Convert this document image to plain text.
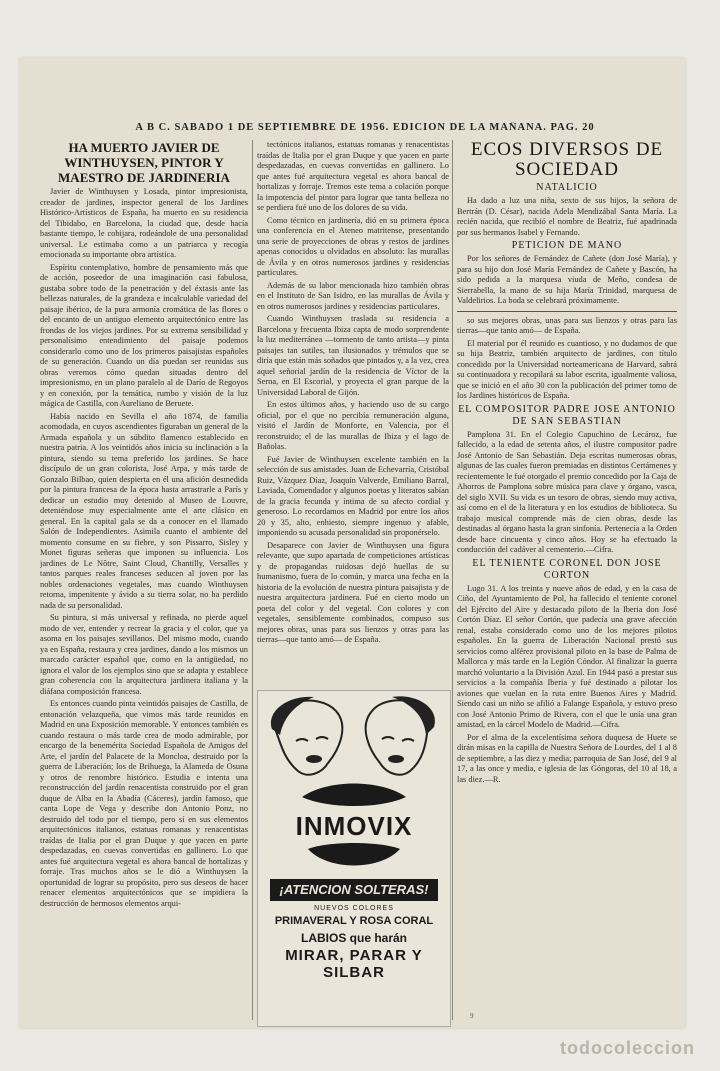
A B C. SABADO 1 DE SEPTIEMBRE DE 1956. EDICION DE LA MAÑANA. PAG. 20

HA MUERTO JAVIER DE WINTHUYSEN, PINTOR Y MAESTRO DE JARDINERIA

Javier de Winthuysen y Losada, pintor impresionista, creador de jardines, inspector general de los Jardines Histórico-Artísticos de España, ha muerto en su residencia del Tibidabo, en Barcelona, la ciudad que, desde hacía bastante tiempo, le cobijara, rodeándole de una personalidad universal. Le estimaba como a un patriarca y recogía emocionada su importante obra artística.

Espíritu contemplativo, hombre de pensamiento más que de acción, poseedor de una imaginación casi fabulosa, gustaba sobre todo de la penetración y del éxtasis ante las bellezas naturales, de la grandeza e incalculable variedad del paisaje ibérico, de la pura armonía cromática de las flores o del encanto de un antiguo elemento arquitectónico entre las frondas de los viejos jardines. Por su extrema sensibilidad y personalísimo entendimiento del paisaje podemos considerarlo como uno de los primeros paisajistas españoles de su generación. Cuando un día puedan ser reunidas sus obras veremos cómo quedan situadas dentro del impresionismo, en un plano paralelo al de Darío de Regoyos y en conexión, por la temática, rumbo y visión de la luz mágica de Castilla, con Aureliano de Beruete.

Había nacido en Sevilla el año 1874, de familia acomodada, en cuyos ascendientes figuraban un general de la Armada española y un súbdito flamenco establecido en nuestra patria. A los veintidós años inicia su inclinación a la pintura, siendo su tema preferido los jardines. Se hace discípulo de un gran colorista, José Arpa, y más tarde de Gonzalo Bilbao, quien despierta en él una afición desmedida por la pintura francesa de la época hasta arrastrarle a París y dedicar un estudio muy detenido al Museo de Louvre, deteniéndose muy especialmente ante el arte clásico en general. En la capital gala se da a conocer en el llamado Salón de Independientes. Asimila cuanto el ambiente del momento consume en su fiebre, y son Pissarro, Sisley y Monet figuras señeras que imponen su influencia. Los jardines de Le Nôtre, Saint Cloud, Chantilly, Versalles y tantos parques reales franceses seducen al joven por las nobles ordenaciones vegetales, mas cuando Winthuysen retorna, impenitente y ávido a su tierra solar, no ha perdido nada de su personalidad.

Su pintura, si más universal y refinada, no pierde aquel modo de ver, entender y recrear la gracia y el color, que ya asoma en los paisajes sevillanos. Del mismo modo, cuando ya en España, restaura y crea jardines, dando a los mismos un marcado carácter español que, como en la antigüedad, no ignora el valor de los ejemplos sino que se adapta y establece gran coherencia con la arquitectura jardinera italiana y la diáfana composición francesa.

Es entonces cuando pinta veintidós paisajes de Castilla, de entonación velazqueña, que vimos más tarde reunidos en Madrid en una Exposición memorable. Y entonces también es cuando restaura o más tarde crea de modo admirable, por encargo de la benemérita Sociedad Española de Amigos del Arte, el jardín del Palacete de la Moncloa, destruido por la guerra de Liberación; los de Brihuega, la Alameda de Osuna y otros de renombre histórico. Estudia e intenta una reconstrucción del jardín renacentista construido por el gran duque de Alba en la Abadía (Cáceres), jardín famoso, que canta Lope de Vega y describe don Antonio Ponz, no destruido del todo por el tiempo, pero sí en sus elementos arquitectónicos italianos, estatuas romanas y renacentistas traídas de Italia por el gran Duque y que yacen en parte despedazadas, en cuevas convertidas en gallinero. Lo que antes fué arquitectura vegetal es ahora bancal de hortalizas y forraje. Tras muchos años se le dió a Winthuysen la oportunidad de lograr su propósito, pero sus deseos de hacer renacer elementos arquitectónicos que se impidiera la destrucción de hermosos elementos arqui-

tectónicos italianos, estatuas romanas y renacentistas traídas de Italia por el gran Duque y que yacen en parte despedazadas, en cuevas convertidas en gallinero. Lo que antes fué arquitectura vegetal es ahora bancal de hortalizas y forraje. Tremos este tema a colación porque la impotencia del pintor para lograr que tanta belleza no se perdiera fué uno de los dolores de su vida.

Como técnico en jardinería, dió en su primera época una conferencia en el Ateneo matritense, presentando una serie de proyecciones de obras y restos de jardines apenas conocidos u olvidados en absoluto: las murallas de Ávila y en otros numerosos jardines y residencias particulares.

Además de su labor mencionada hizo también obras en el Instituto de San Isidro, en las murallas de Ávila y en otros numerosos jardines y residencias particulares.

Cuando Winthuysen traslada su residencia a Barcelona y frecuenta Ibiza capta de modo sorprendente la luz mediterránea —tormento de tanto artista—y pinta paisajes tan sutiles, tan ilusionados y trémulos que se diría que están más soñados que pintados y, a la vez, crea aquel señorial jardín de la residencia de Víctor de la Serna, en El Escorial, y proyecta el gran parque de la Universidad Laboral de Gijón.

En estos últimos años, y haciendo uso de su cargo oficial, por el que no percibía remuneración alguna, visitó el Jardín de Monforte, en Valencia, por él reconstruido; el de las murallas de Ibiza y el lago de Bañolas.

Fué Javier de Winthuysen excelente también en la selección de sus amistades. Juan de Echevarría, Cristóbal Ruiz, Vázquez Díaz, Joaquín Valverde, Emiliano Barral, Laviada, Comendador y algunos poetas y literatos sabían de la gracia fecunda y íntima de su afecto cordial y generoso. Lo recordamos en Madrid por entre los años 20 y 35, alto, enhiesto, siempre ingenuo y afable, imponiendo su acusada personalidad sin proponérselo.

Desaparece con Javier de Winthuysen una figura relevante, que supo apartada de competiciones artísticas y de propagandas ruidosas dejó huellas de su humanismo, fuera de lo común, y marca una fecha en la historia de la evolución de nuestra pintura paisajista y de nuestra arquitectura jardinera. Fué en cierto modo un poeta del color y del vegetal. Con colores y con vegetales, sensiblemente combinados, compuso sus mejores obras, unas para sus lienzos y otras para las tierras—que tanto amó— de España.

INMOVIX
¡ATENCION SOLTERAS!
NUEVOS COLORES
PRIMAVERAL Y ROSA CORAL
LABIOS que harán
MIRAR, PARAR Y SILBAR
ECOS DIVERSOS DE SOCIEDAD

NATALICIO

Ha dado a luz una niña, sexto de sus hijos, la señora de Bertrán (D. César), nacida Adela Mendizábal Santa María. La recién nacida, que recibió el nombre de Beatriz, fué apadrinada por sus hermanos Isabel y Fernando.

PETICION DE MANO

Por los señores de Fernández de Cañete (don José María), y para su hijo don José María Fernández de Cañete y Bascón, ha sido pedida a la marquesa viuda de Meño, condesa de Sierrabella, la mano de su hija María Trinidad, marquesa de Valdelirios. La boda se celebrará próximamente.

so sus mejores obras, unas para sus lienzos y otras para las tierras—que tanto amó— de España.

El material por él reunido es cuantioso, y no dudamos de que su hija Beatriz, también arquitecto de jardines, con título concedido por la Universidad norteamericana de Harvard, sabrá su continuadora y recopilará su labor escrita, igualmente valiosa, que se inició en el año 30 con la publicación del primer tomo de los Jardines históricos de España.

EL COMPOSITOR PADRE JOSE ANTONIO DE SAN SEBASTIAN

Pamplona 31. En el Colegio Capuchino de Lecároz, fue fallecido, a la edad de setenta años, el ilustre compositor padre José Antonio de San Sebastián. Deja escritas numerosas obras, algunas de las cuales fueron premiadas en distintos Certámenes y recientemente le fué otorgado el premio concedido por la Caja de Ahorros de Pamplona sobre música para clave y órgano, vasca, del siglo XVII. Su vida es un tesoro de obras, siendo muy activa, así como en el de la literatura y en los estudios de biblioteca. Su trabajo musical comprende más de cien obras, desde las destinadas al órgano hasta la gran sinfonía. Pertenecía a la Orden desde hace cincuenta y cinco años. Hoy se ha efectuado la conducción del cadáver al cementerio.—Cifra.

EL TENIENTE CORONEL DON JOSE CORTON

Lugo 31. A los treinta y nueve años de edad, y en la casa de Ciño, del Ayuntamiento de Pol, ha fallecido el teniente coronel del Ejército del Aire y destacado piloto de la Iberia don José Cortón Díaz. El señor Cortón, que padecía una grave afección renal, estaba considerado como uno de los mejores pilotos españoles. En la guerra de Liberación Nacional prestó sus servicios como alférez provisional piloto en la base de Palma de Mallorca y más tarde en la Legión Cóndor. Al finalizar la guerra marchó voluntario a la División Azul. En 1944 pasó a prestar sus servicios a la compañía Iberia y fué destinado a pilotar los aviones que vuelan en la ruta entre Buenos Aires y Madrid. Siendo casi un niño se afilió a Falange Española, y estuvo preso con José Antonio Primo de Rivera, con el que le unía una gran amistad, en la cárcel Modelo de Madrid.—Cifra.

Por el alma de la excelentísima señora duquesa de Huete se dirán misas en la capilla de Nuestra Señora de Lourdes, del 1 al 8 de septiembre, a las diez y media; parroquia de San José, del 9 al 17, a las once y media, e iglesia de las Góngoras, del 10 al 18, a las diez.—R.

9
todocoleccion
